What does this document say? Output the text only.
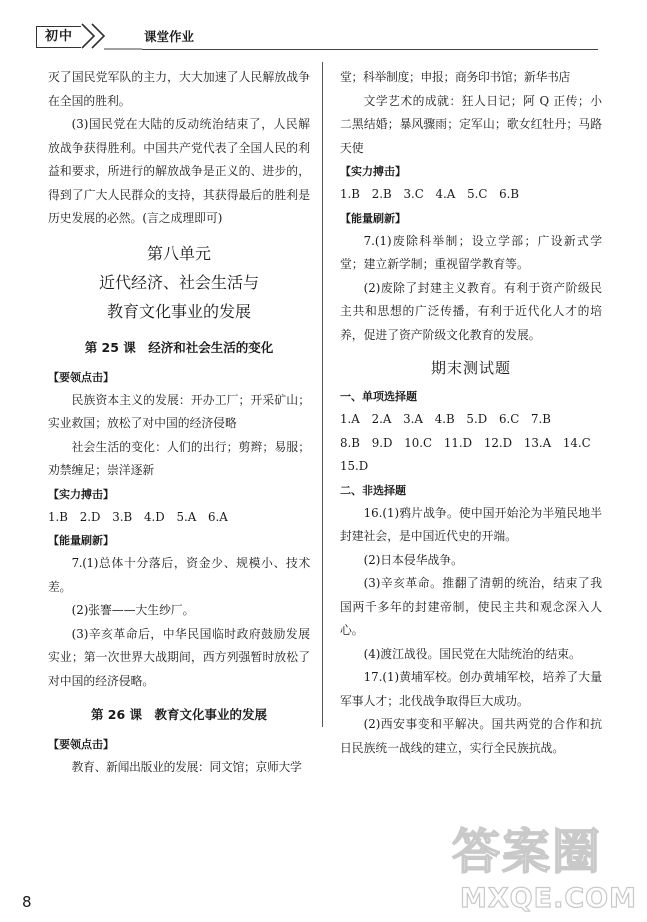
初中	课堂作业

灭了国民党军队的主力，大大加速了人民解放战争在全国的胜利。

(3)国民党在大陆的反动统治结束了，人民解放战争获得胜利。中国共产党代表了全国人民的利益和要求，所进行的解放战争是正义的、进步的，得到了广大人民群众的支持，其获得最后的胜利是历史发展的必然。(言之成理即可)

第八单元
近代经济、社会生活与
教育文化事业的发展
第 25 课　经济和社会生活的变化
【要领点击】

民族资本主义的发展：开办工厂；开采矿山；实业救国；放松了对中国的经济侵略

社会生活的变化：人们的出行；剪辫；易服；劝禁缠足；崇洋逐新

【实力搏击】

1.B　2.D　3.B　4.D　5.A　6.A

【能量刷新】

7.(1)总体十分落后，资金少、规模小、技术差。

(2)张謇——大生纱厂。

(3)辛亥革命后，中华民国临时政府鼓励发展实业；第一次世界大战期间，西方列强暂时放松了对中国的经济侵略。

第 26 课　教育文化事业的发展
【要领点击】

教育、新闻出版业的发展：同文馆；京师大学

堂；科举制度；申报；商务印书馆；新华书店

文学艺术的成就：狂人日记；阿 Q 正传；小二黑结婚；暴风骤雨；定军山；歌女红牡丹；马路天使

【实力搏击】

1.B　2.B　3.C　4.A　5.C　6.B

【能量刷新】

7.(1)废除科举制；设立学部；广设新式学堂；建立新学制；重视留学教育等。

(2)废除了封建主义教育。有利于资产阶级民主共和思想的广泛传播，有利于近代化人才的培养，促进了资产阶级文化教育的发展。

期末测试题
一、单项选择题

1.A　2.A　3.A　4.B　5.D　6.C　7.B

8.B　9.D　10.C　11.D　12.D　13.A　14.C

15.D

二、非选择题

16.(1)鸦片战争。使中国开始沦为半殖民地半封建社会，是中国近代史的开端。

(2)日本侵华战争。

(3)辛亥革命。推翻了清朝的统治，结束了我国两千多年的封建帝制，使民主共和观念深入人心。

(4)渡江战役。国民党在大陆统治的结束。

17.(1)黄埔军校。创办黄埔军校，培养了大量军事人才；北伐战争取得巨大成功。

(2)西安事变和平解决。国共两党的合作和抗日民族统一战线的建立，实行全民族抗战。

8
答案圈
MXQE.COM
